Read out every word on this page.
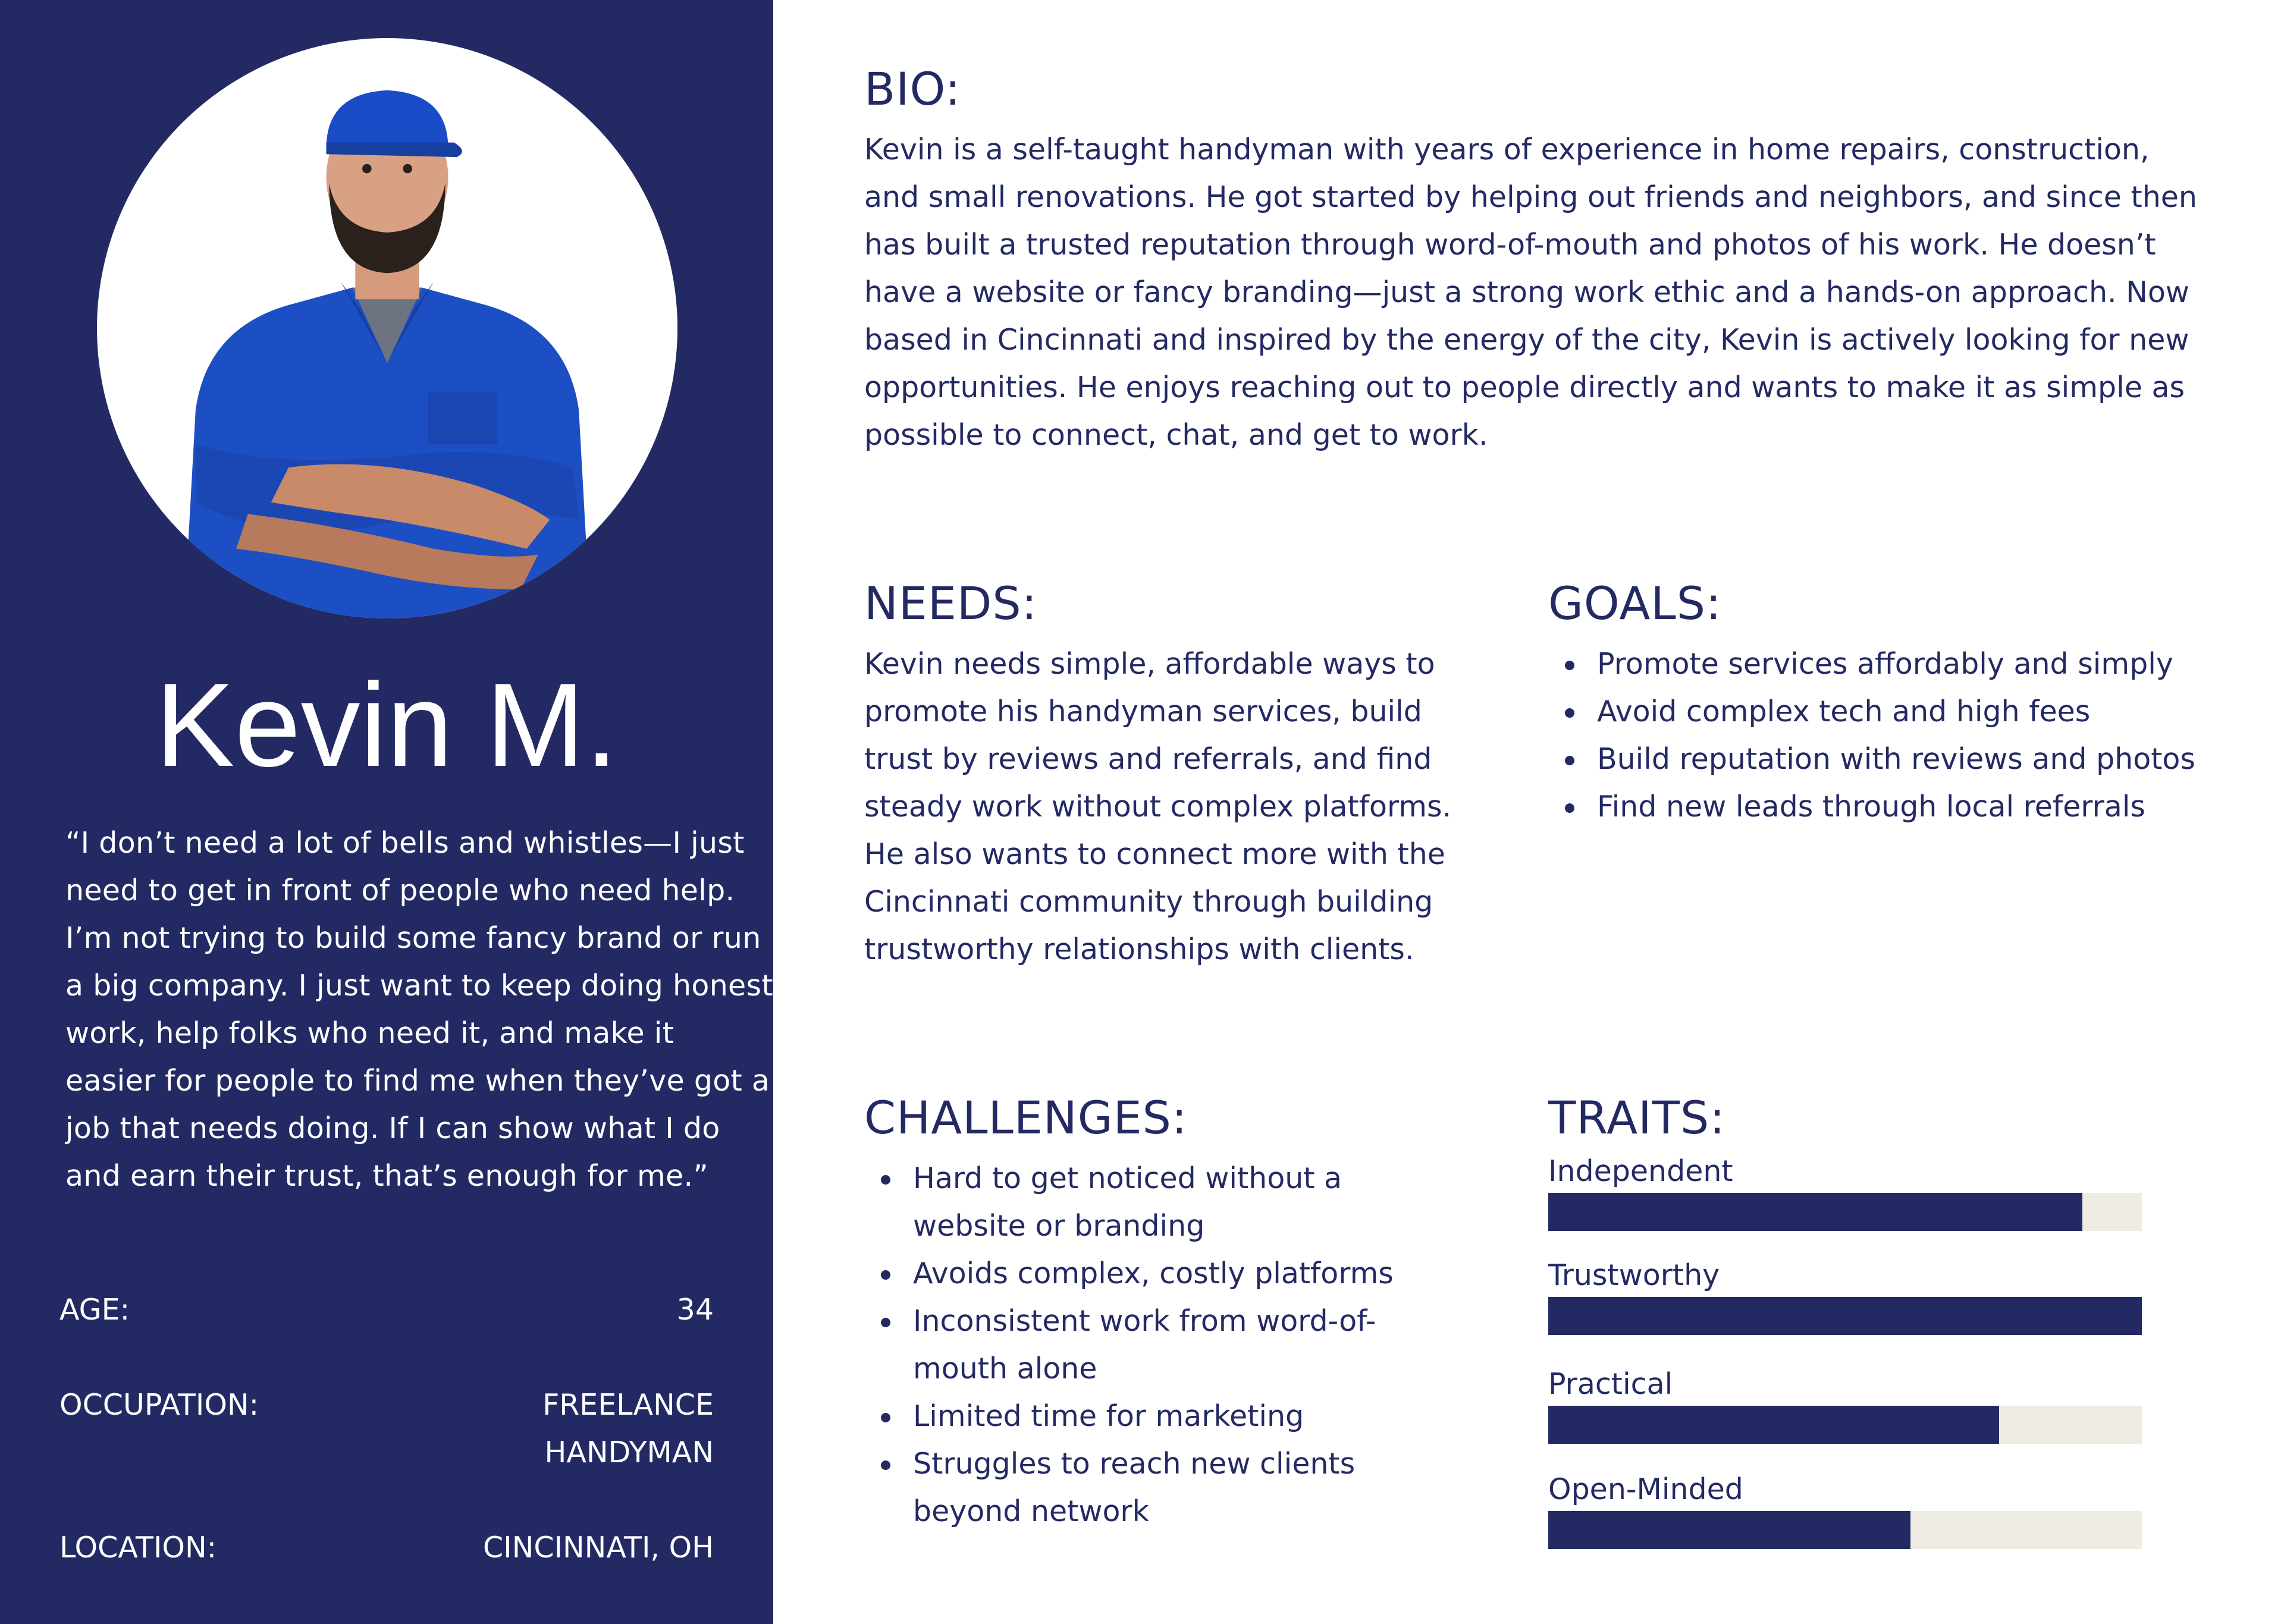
Kevin M.
“I don’t need a lot of bells and whistles—I just need to get in front of people who need help. I’m not trying to build some fancy brand or run a big company. I just want to keep doing honest work, help folks who need it, and make it easier for people to find me when they’ve got a job that needs doing. If I can show what I do and earn their trust, that’s enough for me.”
AGE:	34
OCCUPATION:	FREELANCE HANDYMAN
LOCATION:	CINCINNATI, OH
BIO:
Kevin is a self-taught handyman with years of experience in home repairs, construction, and small renovations. He got started by helping out friends and neighbors, and since then has built a trusted reputation through word-of-mouth and photos of his work. He doesn’t have a website or fancy branding—just a strong work ethic and a hands-on approach. Now based in Cincinnati and inspired by the energy of the city, Kevin is actively looking for new opportunities. He enjoys reaching out to people directly and wants to make it as simple as possible to connect, chat, and get to work.
NEEDS:
Kevin needs simple, affordable ways to promote his handyman services, build trust by reviews and referrals, and find steady work without complex platforms. He also wants to connect more with the Cincinnati community through building trustworthy relationships with clients.
GOALS:
Promote services affordably and simply
Avoid complex tech and high fees
Build reputation with reviews and photos
Find new leads through local referrals
CHALLENGES:
Hard to get noticed without a website or branding
Avoids complex, costly platforms
Inconsistent work from word-of-mouth alone
Limited time for marketing
Struggles to reach new clients beyond network
TRAITS:
Independent
Trustworthy
Practical
Open-Minded
